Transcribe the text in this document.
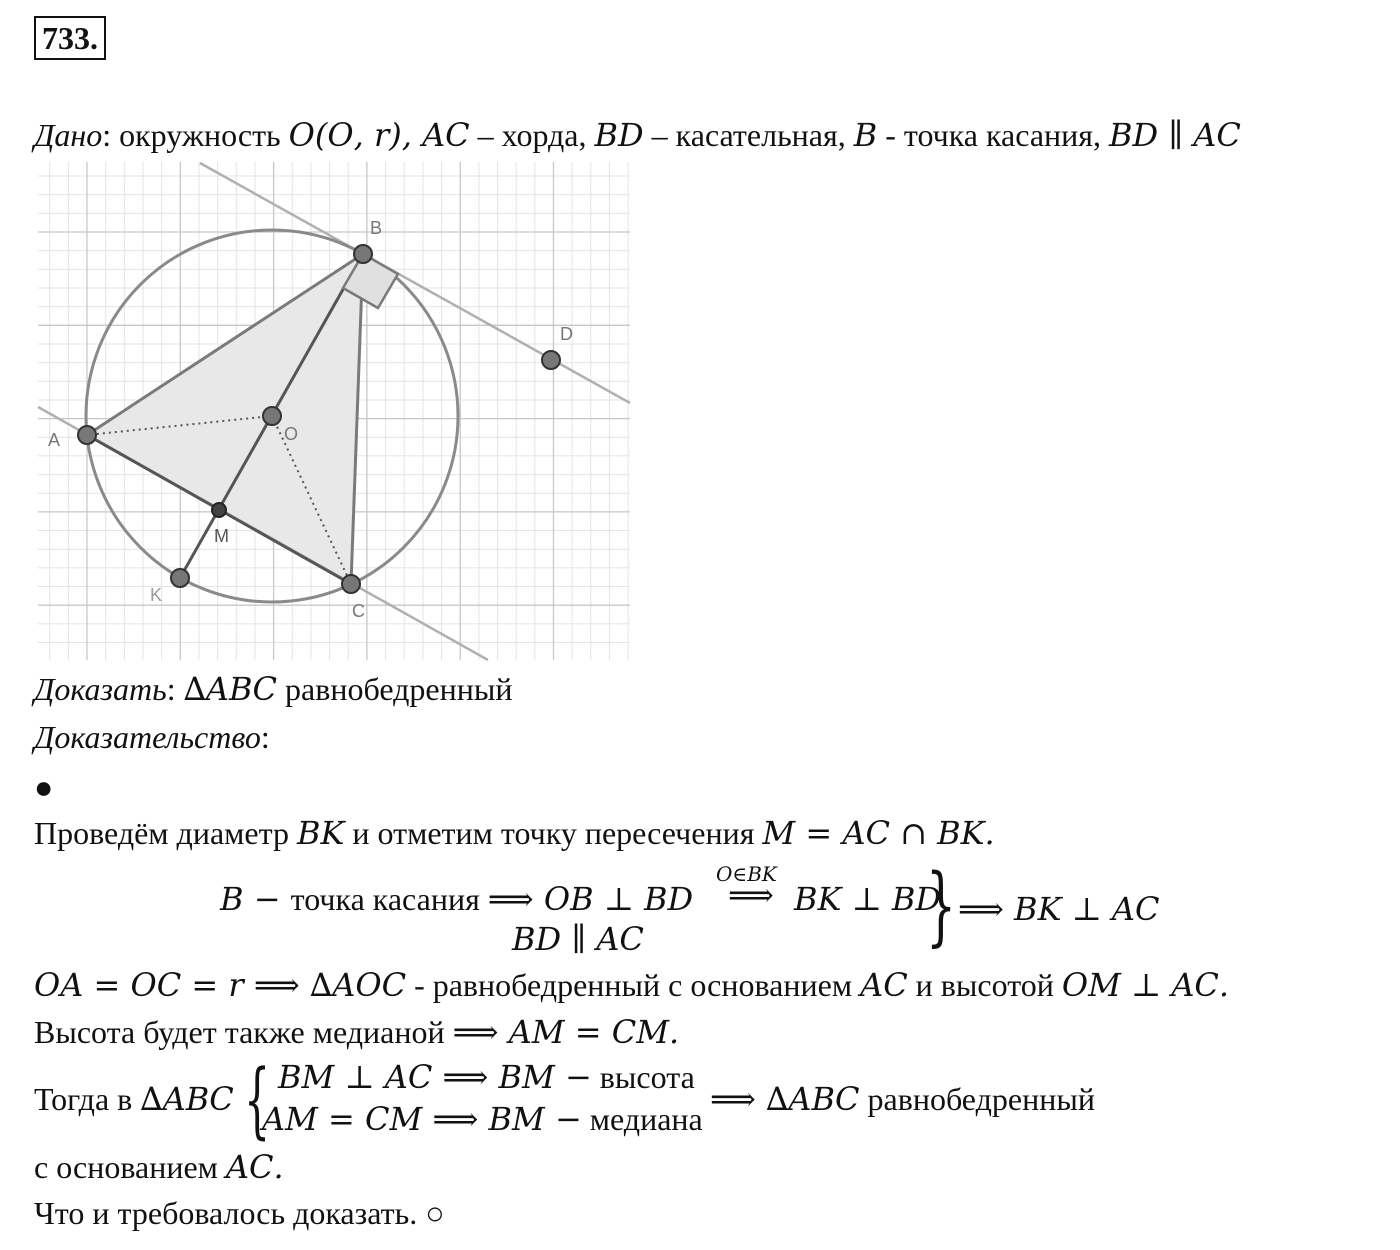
733.
Дано: окружность 𝑂(𝑂, 𝑟), 𝐴𝐶 – хорда, 𝐵𝐷 – касательная, 𝐵 - точка касания, 𝐵𝐷 ∥ 𝐴𝐶
B
D
A	O
M
C
K
Доказать: ∆𝐴𝐵𝐶 равнобедренный
Доказательство:
●
Проведём диаметр 𝐵𝐾 и отметим точку пересечения 𝑀 = 𝐴𝐶 ∩ 𝐵𝐾.
𝐵 − точка касания ⟹ 𝑂𝐵 ⊥ 𝐵𝐷
𝑂∈𝐵𝐾
⟹ 𝐵𝐾 ⊥ 𝐵𝐷
𝐵𝐷 ∥ 𝐴𝐶	} ⟹ 𝐵𝐾 ⊥ 𝐴𝐶
𝑂𝐴 = 𝑂𝐶 = 𝑟 ⟹ ∆𝐴𝑂𝐶 - равнобедренный с основанием 𝐴𝐶 и высотой 𝑂𝑀 ⊥ 𝐴𝐶.
Высота будет также медианой ⟹ 𝐴𝑀 = 𝐶𝑀.
Тогда в ∆𝐴𝐵𝐶 { 𝐵𝑀 ⊥ 𝐴𝐶 ⟹ 𝐵𝑀 − высота
𝐴𝑀 = 𝐶𝑀 ⟹ 𝐵𝑀 − медиана
⟹ ∆𝐴𝐵𝐶 равнобедренный
с основанием 𝐴𝐶.
Что и требовалось доказать. ○
